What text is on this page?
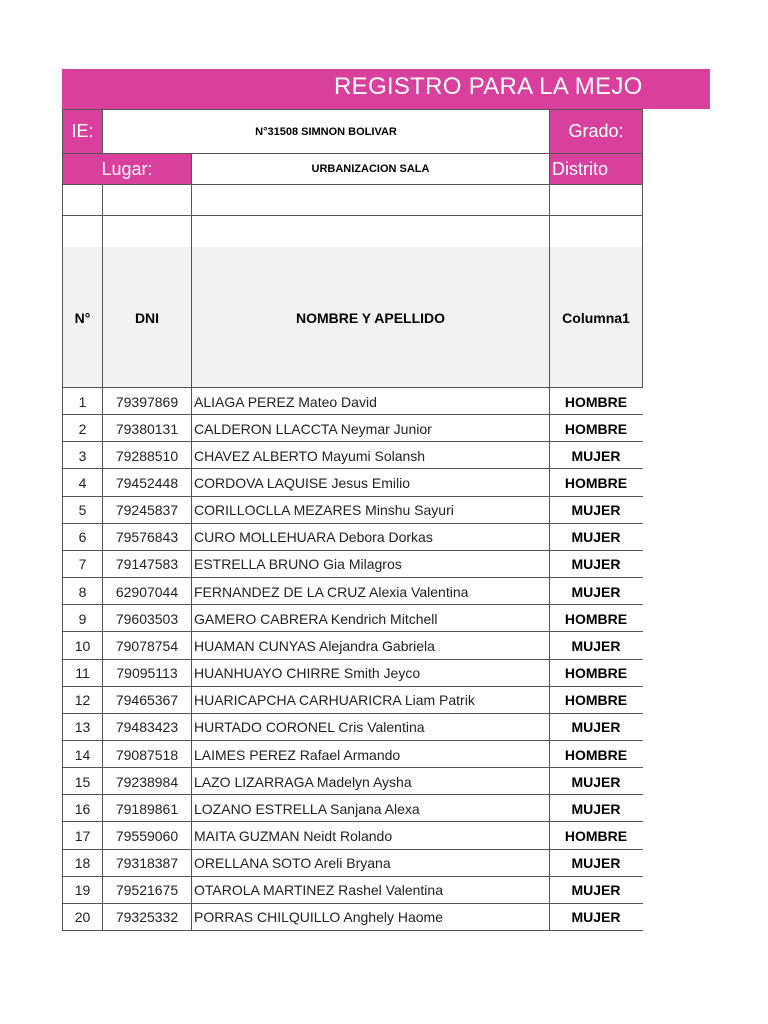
REGISTRO PARA LA MEJO
IE:	N°31508 SIMNON BOLIVAR	Grado:
Lugar:	URBANIZACION SALA	Distrito
N°	DNI	NOMBRE Y APELLIDO	Columna1
1	79397869	ALIAGA PEREZ Mateo David	HOMBRE
2	79380131	CALDERON LLACCTA Neymar Junior	HOMBRE
3	79288510	CHAVEZ ALBERTO Mayumi Solansh	MUJER
4	79452448	CORDOVA LAQUISE Jesus Emilio	HOMBRE
5	79245837	CORILLOCLLA MEZARES Minshu Sayuri	MUJER
6	79576843	CURO MOLLEHUARA Debora Dorkas	MUJER
7	79147583	ESTRELLA BRUNO Gia Milagros	MUJER
8	62907044	FERNANDEZ DE LA CRUZ Alexia Valentina	MUJER
9	79603503	GAMERO CABRERA Kendrich Mitchell	HOMBRE
10	79078754	HUAMAN CUNYAS Alejandra Gabriela	MUJER
11	79095113	HUANHUAYO CHIRRE Smith Jeyco	HOMBRE
12	79465367	HUARICAPCHA CARHUARICRA Liam Patrik	HOMBRE
13	79483423	HURTADO CORONEL Cris Valentina	MUJER
14	79087518	LAIMES PEREZ Rafael Armando	HOMBRE
15	79238984	LAZO LIZARRAGA Madelyn Aysha	MUJER
16	79189861	LOZANO ESTRELLA Sanjana Alexa	MUJER
17	79559060	MAITA GUZMAN Neidt Rolando	HOMBRE
18	79318387	ORELLANA SOTO Areli Bryana	MUJER
19	79521675	OTAROLA MARTINEZ Rashel Valentina	MUJER
20	79325332	PORRAS CHILQUILLO Anghely Haome	MUJER
